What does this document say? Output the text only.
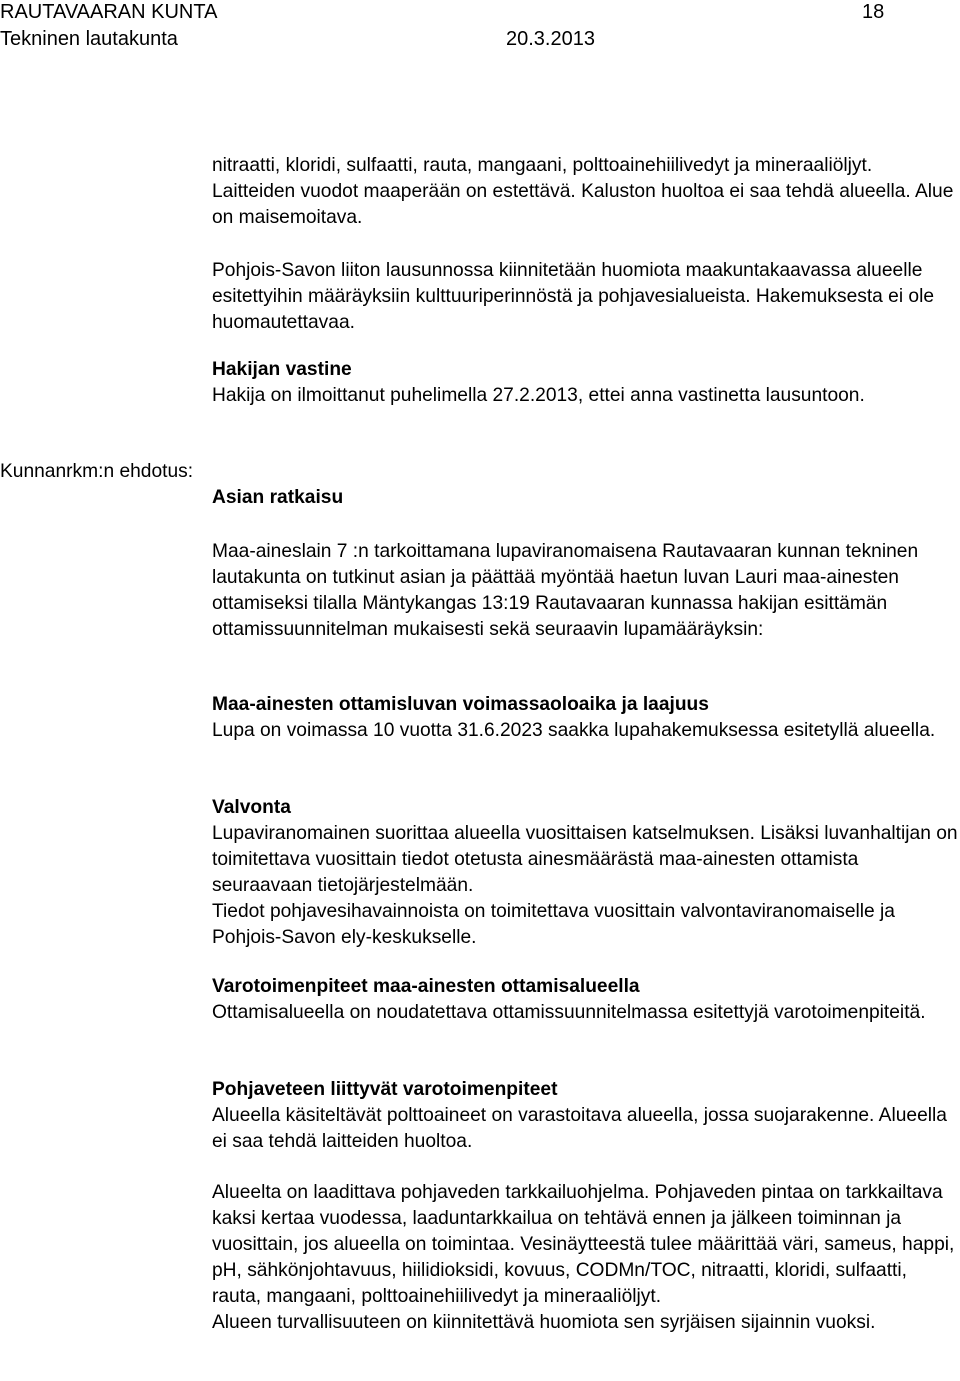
RAUTAVAARAN KUNTA	18
Tekninen lautakunta	20.3.2013

nitraatti, kloridi, sulfaatti, rauta, mangaani, polttoainehiilivedyt ja mineraaliöljyt. Laitteiden vuodot maaperään on estettävä. Kaluston huoltoa ei saa tehdä alueella. Alue on maisemoitava.

Pohjois-Savon liiton lausunnossa kiinnitetään huomiota maakuntakaavassa alueelle esitettyihin määräyksiin kulttuuriperinnöstä ja pohjavesialueista. Hakemuksesta ei ole huomautettavaa.

Hakijan vastine

Hakija on ilmoittanut puhelimella 27.2.2013, ettei anna vastinetta lausuntoon.

Kunnanrkm:n ehdotus:

Asian ratkaisu

Maa-aineslain 7 :n tarkoittamana lupaviranomaisena Rautavaaran kunnan tekninen lautakunta on tutkinut asian ja päättää myöntää haetun luvan Lauri maa-ainesten ottamiseksi tilalla Mäntykangas 13:19 Rautavaaran kunnassa hakijan esittämän ottamissuunnitelman mukaisesti sekä seuraavin lupamääräyksin:

Maa-ainesten ottamisluvan voimassaoloaika ja laajuus

Lupa on voimassa 10 vuotta 31.6.2023 saakka lupahakemuksessa esitetyllä alueella.

Valvonta

Lupaviranomainen suorittaa alueella vuosittaisen katselmuksen. Lisäksi luvanhaltijan on toimitettava vuosittain tiedot otetusta ainesmäärästä maa-ainesten ottamista seuraavaan tietojärjestelmään.

Tiedot pohjavesihavainnoista on toimitettava vuosittain valvontaviranomaiselle ja Pohjois-Savon ely-keskukselle.

Varotoimenpiteet maa-ainesten ottamisalueella

Ottamisalueella on noudatettava ottamissuunnitelmassa esitettyjä varotoimenpiteitä.

Pohjaveteen liittyvät varotoimenpiteet

Alueella käsiteltävät polttoaineet on varastoitava alueella, jossa suojarakenne. Alueella ei saa tehdä laitteiden huoltoa.

Alueelta on laadittava pohjaveden tarkkailuohjelma. Pohjaveden pintaa on tarkkailtava kaksi kertaa vuodessa, laaduntarkkailua on tehtävä ennen ja jälkeen toiminnan ja vuosittain, jos alueella on toimintaa. Vesinäytteestä tulee määrittää väri, sameus, happi, pH, sähkönjohtavuus, hiilidioksidi, kovuus, CODMn/TOC, nitraatti, kloridi, sulfaatti, rauta, mangaani, polttoainehiilivedyt ja mineraaliöljyt.

Alueen turvallisuuteen on kiinnitettävä huomiota sen syrjäisen sijainnin vuoksi.
